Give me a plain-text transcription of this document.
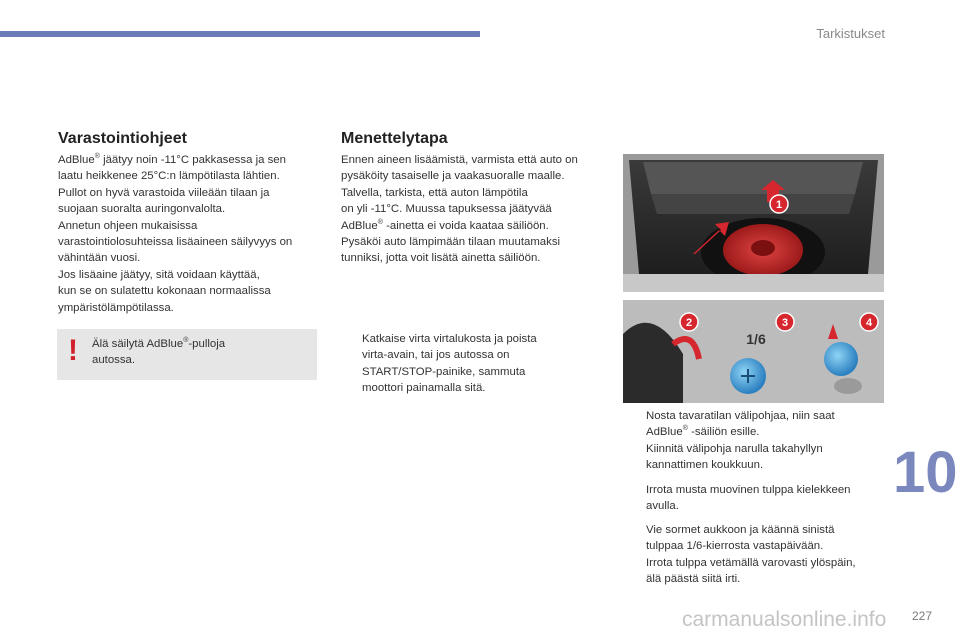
Tarkistukset
Varastointiohjeet

AdBlue® jäätyy noin -11°C pakkasessa ja sen

laatu heikkenee 25°C:n lämpötilasta lähtien.

Pullot on hyvä varastoida viileään tilaan ja

suojaan suoralta auringonvalolta.

Annetun ohjeen mukaisissa

varastointiolosuhteissa lisäaineen säilyvyys on

vähintään vuosi.

Jos lisäaine jäätyy, sitä voidaan käyttää,

kun se on sulatettu kokonaan normaalissa

ympäristölämpötilassa.

! Älä säilytä AdBlue®-pulloja
autossa.
Menettelytapa

Ennen aineen lisäämistä, varmista että auto on

pysäköity tasaiselle ja vaakasuoralle maalle.

Talvella, tarkista, että auton lämpötila

on yli -11°C. Muussa tapuksessa jäätyvää

AdBlue® -ainetta ei voida kaataa säiliöön.

Pysäköi auto lämpimään tilaan muutamaksi

tunniksi, jotta voit lisätä ainetta säiliöön.

Katkaise virta virtalukosta ja poista

virta-avain, tai jos autossa on

START/STOP-painike, sammuta

moottori painamalla sitä.

1
1/6
2	3	4

Nosta tavaratilan välipohjaa, niin saat

AdBlue® -säiliön esille.

Kiinnitä välipohja narulla takahyllyn

kannattimen koukkuun.

Irrota musta muovinen tulppa kielekkeen

avulla.

Vie sormet aukkoon ja käännä sinistä

tulppaa 1/6-kierrosta vastapäivään.

Irrota tulppa vetämällä varovasti ylöspäin,

älä päästä siitä irti.

10
carmanualsonline.info 227
